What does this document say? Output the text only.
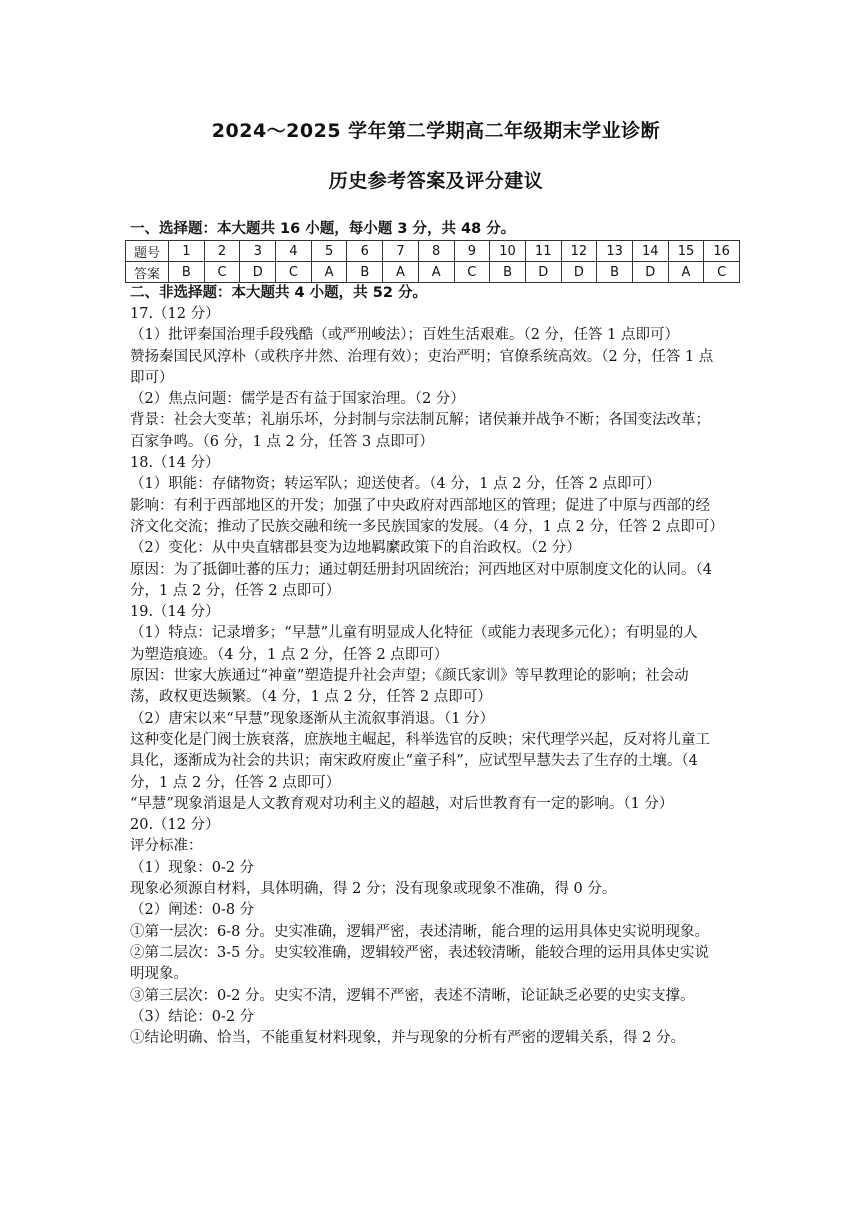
2024～2025 学年第二学期高二年级期末学业诊断
历史参考答案及评分建议
一、选择题：本大题共 16 小题，每小题 3 分，共 48 分。
题号	1	2	3	4	5	6	7	8	9	10	11	12	13	14	15	16
答案	B	C	D	C	A	B	A	A	C	B	D	D	B	D	A	C
二、非选择题：本大题共 4 小题，共 52 分。
17.（12 分）
（1）批评秦国治理手段残酷（或严刑峻法）；百姓生活艰难。（2 分，任答 1 点即可）
赞扬秦国民风淳朴（或秩序井然、治理有效）；吏治严明；官僚系统高效。（2 分，任答 1 点
即可）
（2）焦点问题：儒学是否有益于国家治理。（2 分）
背景：社会大变革；礼崩乐坏，分封制与宗法制瓦解；诸侯兼并战争不断；各国变法改革；
百家争鸣。（6 分，1 点 2 分，任答 3 点即可）
18.（14 分）
（1）职能：存储物资；转运军队；迎送使者。（4 分，1 点 2 分，任答 2 点即可）
影响：有利于西部地区的开发；加强了中央政府对西部地区的管理；促进了中原与西部的经
济文化交流；推动了民族交融和统一多民族国家的发展。（4 分，1 点 2 分，任答 2 点即可）
（2）变化：从中央直辖郡县变为边地羁縻政策下的自治政权。（2 分）
原因：为了抵御吐蕃的压力；通过朝廷册封巩固统治；河西地区对中原制度文化的认同。（4
分，1 点 2 分，任答 2 点即可）
19.（14 分）
（1）特点：记录增多；“早慧”儿童有明显成人化特征（或能力表现多元化）；有明显的人
为塑造痕迹。（4 分，1 点 2 分，任答 2 点即可）
原因：世家大族通过“神童”塑造提升社会声望；《颜氏家训》等早教理论的影响；社会动
荡，政权更迭频繁。（4 分，1 点 2 分，任答 2 点即可）
（2）唐宋以来“早慧”现象逐渐从主流叙事消退。（1 分）
这种变化是门阀士族衰落，庶族地主崛起，科举选官的反映；宋代理学兴起，反对将儿童工
具化，逐渐成为社会的共识；南宋政府废止“童子科”，应试型早慧失去了生存的土壤。（4
分，1 点 2 分，任答 2 点即可）
“早慧”现象消退是人文教育观对功利主义的超越，对后世教育有一定的影响。（1 分）
20.（12 分）
评分标准：
（1）现象：0-2 分
现象必须源自材料，具体明确，得 2 分；没有现象或现象不准确，得 0 分。
（2）阐述：0-8 分
①第一层次：6-8 分。史实准确，逻辑严密，表述清晰，能合理的运用具体史实说明现象。
②第二层次：3-5 分。史实较准确，逻辑较严密，表述较清晰，能较合理的运用具体史实说
明现象。
③第三层次：0-2 分。史实不清，逻辑不严密，表述不清晰，论证缺乏必要的史实支撑。
（3）结论：0-2 分
①结论明确、恰当，不能重复材料现象，并与现象的分析有严密的逻辑关系，得 2 分。
